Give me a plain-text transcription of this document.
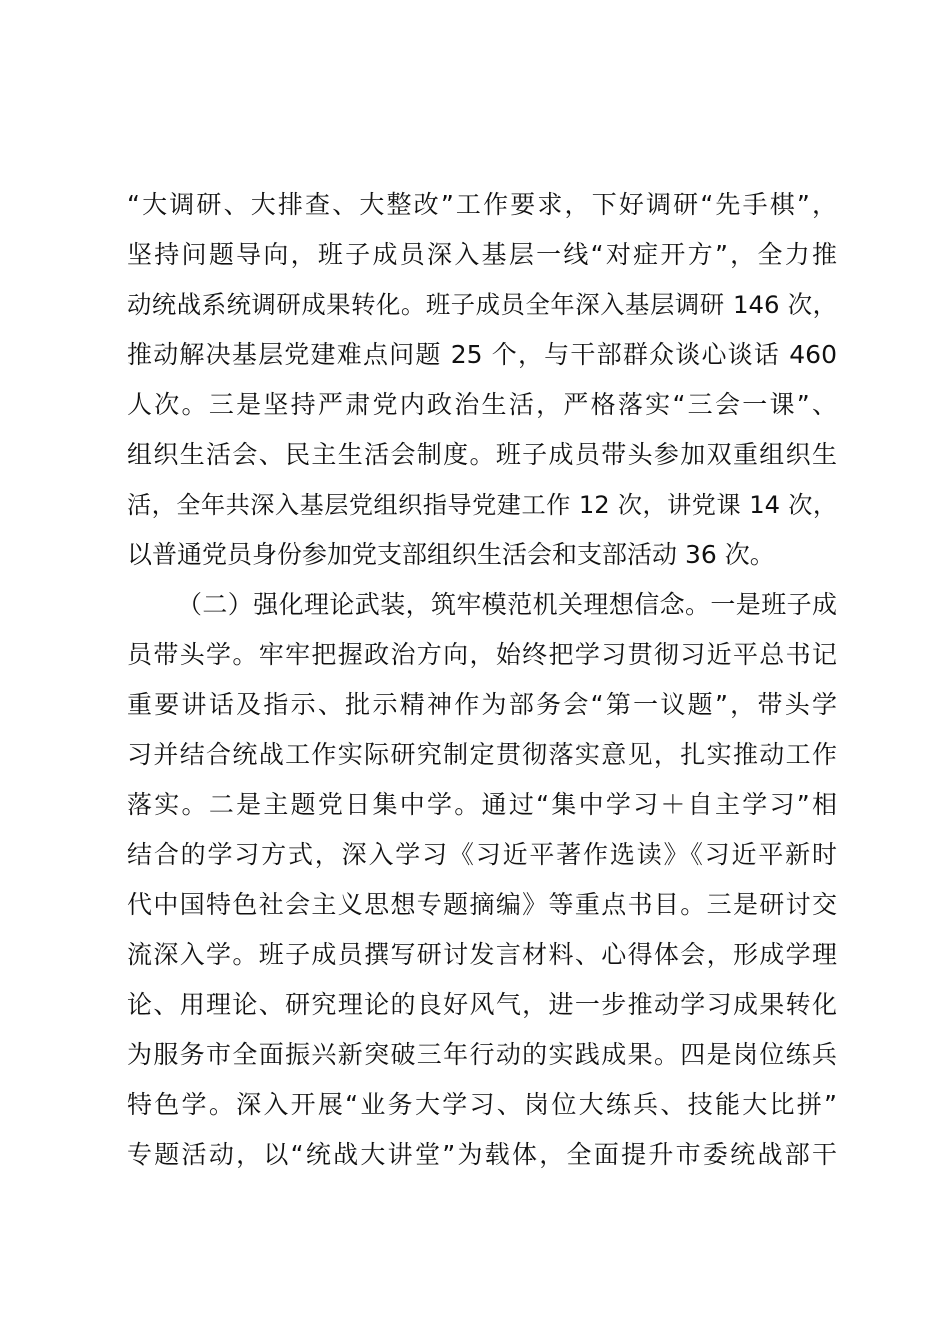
“大调研、大排查、大整改”工作要求，下好调研“先手棋”，
坚持问题导向，班子成员深入基层一线“对症开方”，全力推
动统战系统调研成果转化。班子成员全年深入基层调研 146 次，
推动解决基层党建难点问题 25 个，与干部群众谈心谈话 460
人次。三是坚持严肃党内政治生活，严格落实“三会一课”、
组织生活会、民主生活会制度。班子成员带头参加双重组织生
活，全年共深入基层党组织指导党建工作 12 次，讲党课 14 次，
以普通党员身份参加党支部组织生活会和支部活动 36 次。
（二）强化理论武装，筑牢模范机关理想信念。一是班子成
员带头学。牢牢把握政治方向，始终把学习贯彻习近平总书记
重要讲话及指示、批示精神作为部务会“第一议题”，带头学
习并结合统战工作实际研究制定贯彻落实意见，扎实推动工作
落实。二是主题党日集中学。通过“集中学习＋自主学习”相
结合的学习方式，深入学习《习近平著作选读》《习近平新时
代中国特色社会主义思想专题摘编》等重点书目。三是研讨交
流深入学。班子成员撰写研讨发言材料、心得体会，形成学理
论、用理论、研究理论的良好风气，进一步推动学习成果转化
为服务市全面振兴新突破三年行动的实践成果。四是岗位练兵
特色学。深入开展“业务大学习、岗位大练兵、技能大比拼”
专题活动，以“统战大讲堂”为载体，全面提升市委统战部干
